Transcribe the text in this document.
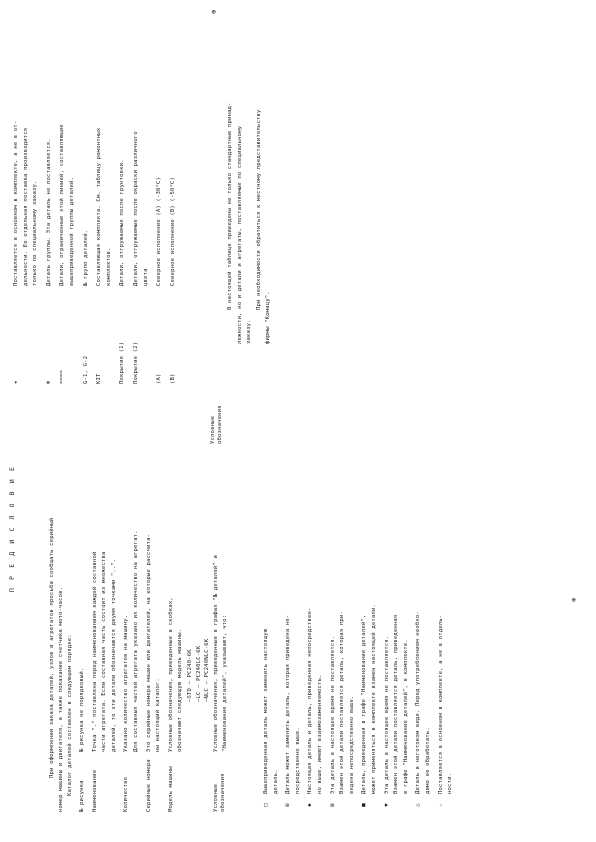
П Р Е Д И С Л О В И Е	При оформлении заказа деталей, узлов и агрегатов просьба сообщать серийный номер машины и двигателя, а также показание счетчика мото-часов. Каталог деталей составлен в следующем порядке:
№ рисунка
№ рисунка не порядковый.
Наименование
Точка "." поставлена перед наименованием каждой составной части агрегата. Если составная часть состоит из множества деталей, то эти детали обозначаются двумя точками "..".
Количество
Указано количество агрегатов на машину. Для составных частей агрегата указано их количество на агрегат.
Серийные номера
Это серийные номера машин или двигателей, на которые рассчита- ны настоящий каталог.
Модель машины
Условные обозначения, приведенные в скобках, обозначают следующую модель машины. —STD — PC240-6K —LC — PC240LC-6K —NLC — PC240NLC-6K
Условные обозначения
Условные обозначения, приведенные в графах "№ деталей" и "Наименование деталей", указывают, что:
□
Вышеприведенная деталь может заменить настоящую деталь.
⊞
Деталь может заменить деталь, которая приведена не- посредственно выше.
◆
Настоящая деталь и деталь, приведенная непосредствен- но выше, имеют взаимозаменяемость.
⊠
Эта деталь в настоящее время не поставляется. Взамен этой детали поставляется деталь, которая при- ведена непосредственно выше.
■
Деталь, приведенная в графе "Наименование деталей", может применяться в комплекте взамен настоящей детали.
▼
Эта деталь в настоящее время не поставляется. Взамен этой детали поставляется деталь, приведенная в графе "Наименование деталей", в комплекте.
△
Деталь в неготовом виде. Перед употреблением необхо- димо ее обработать.
☆
Поставляется в основном в комплекте, а не в отдель- ности.
⊕
★
Поставляется в основном в комплекте, а не в от- дельности. Ее отдельная поставка производится только по специальному заказу.
⊛
Деталь группы. Эта деталь не поставляется.
====
Детали, ограниченные этой линией, составляющие вышеприведенной группы деталей.
G-1, G-2
№ групп деталей.
KIT
Составляющая комплекта. См. таблицу ремонтных комплектов.
Покрытие (1)
Детали, отгружаемые после грунтовки.
Покрытие (2)
Детали, отгружаемые после окраски различного цвета
(A)
Северное исполнение (A) (-30°C)
(B)
Северное исполнение (B) (-50°C)
Условные обозначения
В настоящей таблице приведены не только стандартные принад- лежности, но и детали и агрегаты, поставляемые по специальному заказу.
При необходимости обратиться к местному представительству
фирмы "Комацу".
⊕
